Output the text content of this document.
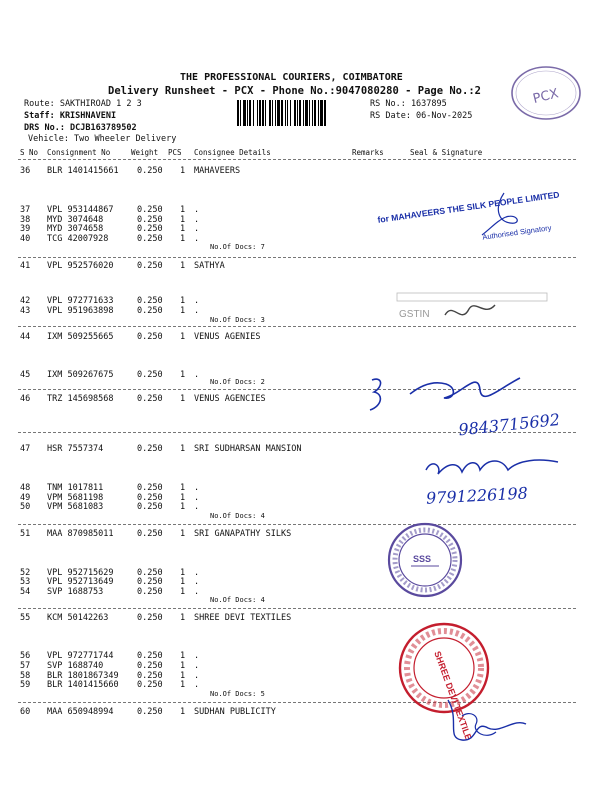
THE PROFESSIONAL COURIERS, COIMBATORE
Delivery Runsheet - PCX - Phone No.:9047080280 - Page No.:2
Route: SAKTHIROAD 1 2 3
Staff: KRISHNAVENI
DRS No.: DCJB163789502
Vehicle: Two Wheeler Delivery
RS No.: 1637895
RS Date: 06-Nov-2025
PCX
S No Consignment No	Weight PCS Consignee Details	Remarks	Seal & Signature
36 BLR 1401415661 0.250 1 MAHAVEERS
37 VPL 953144867	0.250 1 .
38 MYD 3074648	0.250 1 .
39 MYD 3074658	0.250 1 .
40 TCG 42007928	0.250 1 .
No.Of Docs: 7
41 VPL 952576020	0.250 1 SATHYA
42 VPL 972771633	0.250 1 .
43 VPL 951963898	0.250 1 .
No.Of Docs: 3
44 IXM 509255665	0.250 1 VENUS AGENIES
45 IXM 509267675	0.250 1 .
No.Of Docs: 2
46 TRZ 145698568	0.250 1 VENUS AGENCIES
47 HSR 7557374	0.250 1 SRI SUDHARSAN MANSION
48 TNM 1017811	0.250 1 .
49 VPM 5681198	0.250 1 .
50 VPM 5681083	0.250 1 .
No.Of Docs: 4
51 MAA 870985011	0.250 1 SRI GANAPATHY SILKS
52 VPL 952715629	0.250 1 .
53 VPL 952713649	0.250 1 .
54 SVP 1688753	0.250 1 .
No.Of Docs: 4
55 KCM 50142263	0.250 1 SHREE DEVI TEXTILES
56 VPL 972771744	0.250 1 .
57 SVP 1688740	0.250 1 .
58 BLR 1801867349 0.250 1 .
59 BLR 1401415660 0.250 1 .
No.Of Docs: 5
60 MAA 650948994	0.250 1 SUDHAN PUBLICITY
for MAHAVEERS THE SILK PEOPLE LIMITED
Authorised Signatory
GSTIN
9843715692
9791226198
SSS
SHREE DEVI TEXTILE
